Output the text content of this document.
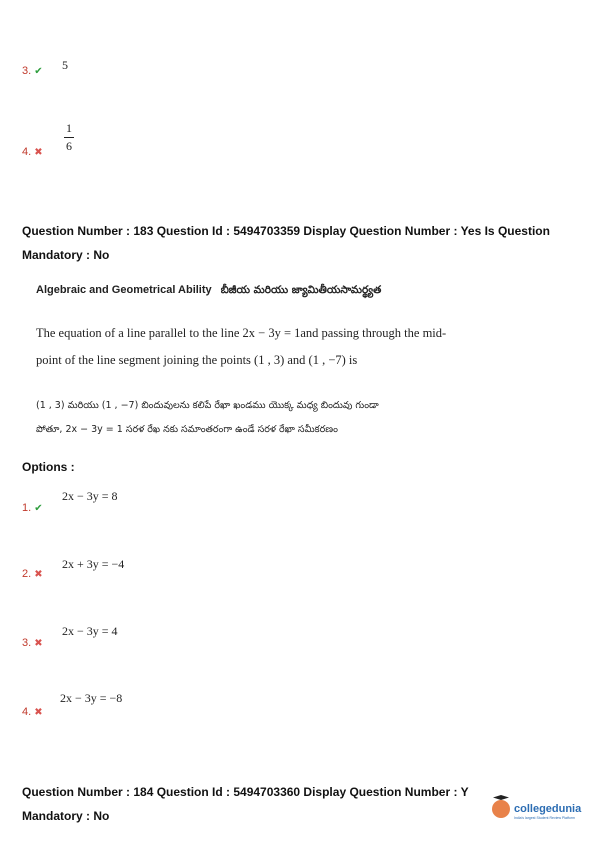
5
3. ✔
$\frac{1}{6}$
4. ✖
Question Number : 183 Question Id : 5494703359 Display Question Number : Yes Is Question
Mandatory : No
Algebraic and Geometrical Ability బీజీయ మరియు జ్యామితీయసామర్థ్యత
The equation of a line parallel to the line 2x − 3y = 1and passing through the mid-
point of the line segment joining the points (1 , 3) and (1 , −7) is
(1 , 3) మరియు (1 , −7) బిందువులను కలిపే రేఖా ఖండము యొక్క మధ్య బిందువు గుండా
పోతూ, 2x − 3y = 1 సరళ రేఖ నకు సమాంతరంగా ఉండే సరళ రేఖా సమీకరణం
Options :
2x − 3y = 8
1. ✔
2x + 3y = −4
2. ✖
2x − 3y = 4
3. ✖
2x − 3y = −8
4. ✖
Question Number : 184 Question Id : 5494703360 Display Question Number : Y
Mandatory : No	collegedunia
India's largest Student Review Platform
